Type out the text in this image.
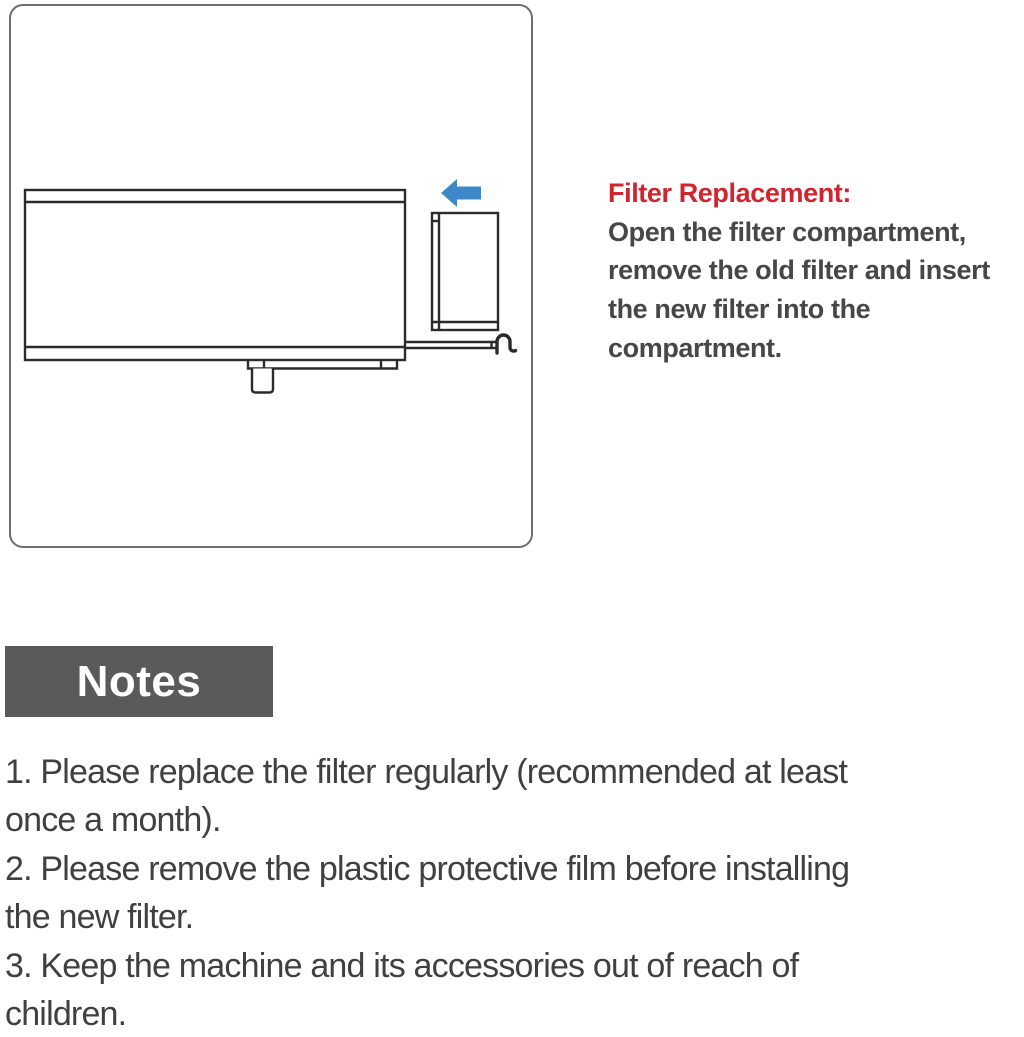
Filter Replacement:
Open the filter compartment,
remove the old filter and insert
the new filter into the
compartment.
Notes
1. Please replace the filter regularly (recommended at least
once a month).
2. Please remove the plastic protective film before installing
the new filter.
3. Keep the machine and its accessories out of reach of
children.
